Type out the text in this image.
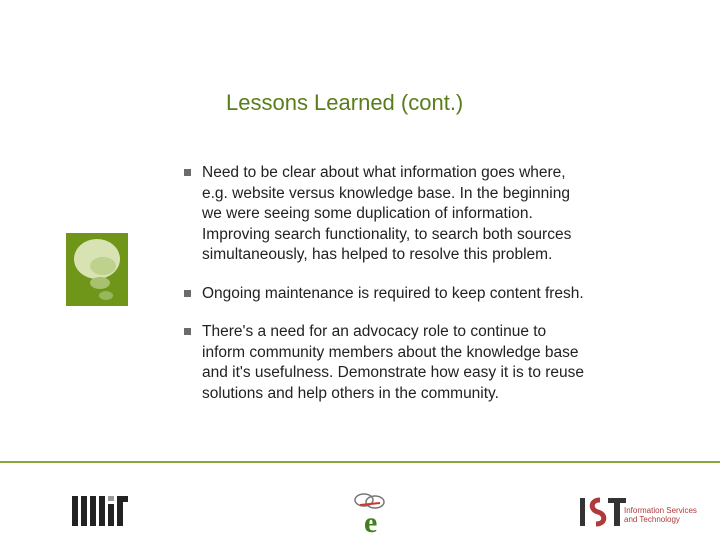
Lessons Learned (cont.)
Need to be clear about what information goes where,
e.g. website versus knowledge base. In the beginning
we were seeing some duplication of information.
Improving search functionality, to search both sources
simultaneously, has helped to resolve this problem.
Ongoing maintenance is required to keep content fresh.
There's a need for an advocacy role to continue to
inform community members about the knowledge base
and it's usefulness. Demonstrate how easy it is to reuse
solutions and help others in the community.
e	Information Services
and Technology
